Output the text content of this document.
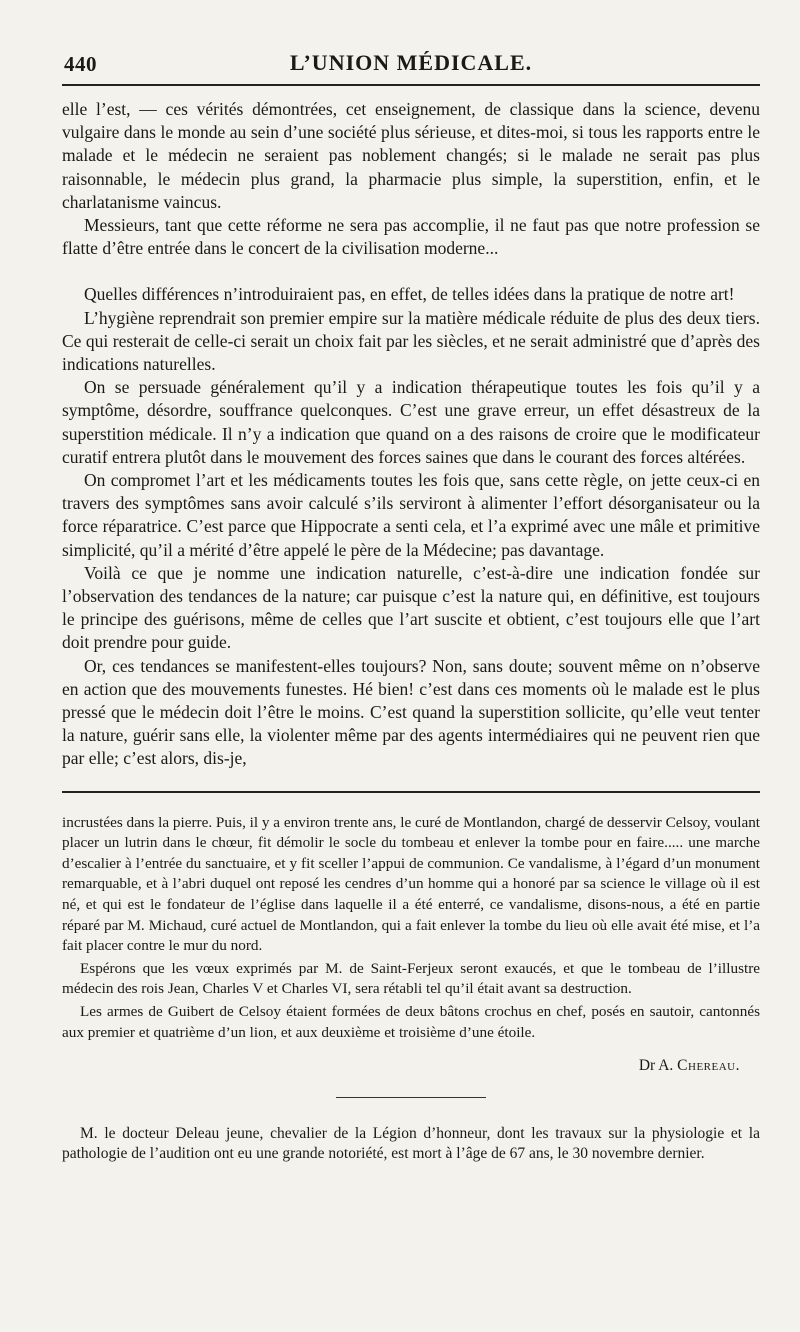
440	L’UNION MÉDICALE.

elle l’est, — ces vérités démontrées, cet enseignement, de classique dans la science, devenu vulgaire dans le monde au sein d’une société plus sérieuse, et dites-moi, si tous les rapports entre le malade et le médecin ne seraient pas noblement changés; si le malade ne serait pas plus raisonnable, le médecin plus grand, la pharmacie plus simple, la superstition, enfin, et le charlatanisme vaincus.

Messieurs, tant que cette réforme ne sera pas accomplie, il ne faut pas que notre profession se flatte d’être entrée dans le concert de la civilisation moderne...

Quelles différences n’introduiraient pas, en effet, de telles idées dans la pratique de notre art!

L’hygiène reprendrait son premier empire sur la matière médicale réduite de plus des deux tiers. Ce qui resterait de celle-ci serait un choix fait par les siècles, et ne serait administré que d’après des indications naturelles.

On se persuade généralement qu’il y a indication thérapeutique toutes les fois qu’il y a symptôme, désordre, souffrance quelconques. C’est une grave erreur, un effet désastreux de la superstition médicale. Il n’y a indication que quand on a des raisons de croire que le modificateur curatif entrera plutôt dans le mouvement des forces saines que dans le courant des forces altérées.

On compromet l’art et les médicaments toutes les fois que, sans cette règle, on jette ceux-ci en travers des symptômes sans avoir calculé s’ils serviront à alimenter l’effort désorganisateur ou la force réparatrice. C’est parce que Hippocrate a senti cela, et l’a exprimé avec une mâle et primitive simplicité, qu’il a mérité d’être appelé le père de la Médecine; pas davantage.

Voilà ce que je nomme une indication naturelle, c’est-à-dire une indication fondée sur l’observation des tendances de la nature; car puisque c’est la nature qui, en définitive, est toujours le principe des guérisons, même de celles que l’art suscite et obtient, c’est toujours elle que l’art doit prendre pour guide.

Or, ces tendances se manifestent-elles toujours? Non, sans doute; souvent même on n’observe en action que des mouvements funestes. Hé bien! c’est dans ces moments où le malade est le plus pressé que le médecin doit l’être le moins. C’est quand la superstition sollicite, qu’elle veut tenter la nature, guérir sans elle, la violenter même par des agents intermédiaires qui ne peuvent rien que par elle; c’est alors, dis-je,

incrustées dans la pierre. Puis, il y a environ trente ans, le curé de Montlandon, chargé de desservir Celsoy, voulant placer un lutrin dans le chœur, fit démolir le socle du tombeau et enlever la tombe pour en faire..... une marche d’escalier à l’entrée du sanctuaire, et y fit sceller l’appui de communion. Ce vandalisme, à l’égard d’un monument remarquable, et à l’abri duquel ont reposé les cendres d’un homme qui a honoré par sa science le village où il est né, et qui est le fondateur de l’église dans laquelle il a été enterré, ce vandalisme, disons-nous, a été en partie réparé par M. Michaud, curé actuel de Montlandon, qui a fait enlever la tombe du lieu où elle avait été mise, et l’a fait placer contre le mur du nord.

Espérons que les vœux exprimés par M. de Saint-Ferjeux seront exaucés, et que le tombeau de l’illustre médecin des rois Jean, Charles V et Charles VI, sera rétabli tel qu’il était avant sa destruction.

Les armes de Guibert de Celsoy étaient formées de deux bâtons crochus en chef, posés en sautoir, cantonnés aux premier et quatrième d’un lion, et aux deuxième et troisième d’une étoile.

Dr A. Chereau.

M. le docteur Deleau jeune, chevalier de la Légion d’honneur, dont les travaux sur la physiologie et la pathologie de l’audition ont eu une grande notoriété, est mort à l’âge de 67 ans, le 30 novembre dernier.
